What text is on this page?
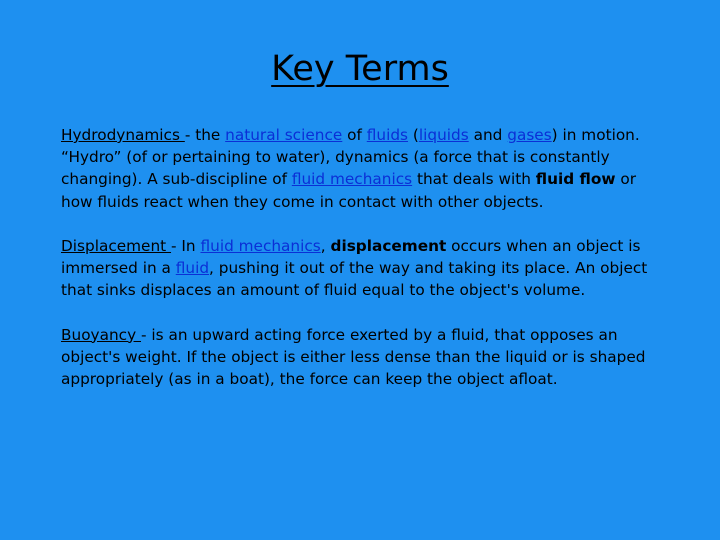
Key Terms

Hydrodynamics - the natural science of fluids (liquids and gases) in motion. “Hydro” (of or pertaining to water), dynamics (a force that is constantly changing). A sub-discipline of fluid mechanics that deals with fluid flow or how fluids react when they come in contact with other objects.

Displacement - In fluid mechanics, displacement occurs when an object is immersed in a fluid, pushing it out of the way and taking its place. An object that sinks displaces an amount of fluid equal to the object's volume.

Buoyancy - is an upward acting force exerted by a fluid, that opposes an object's weight. If the object is either less dense than the liquid or is shaped appropriately (as in a boat), the force can keep the object afloat.
